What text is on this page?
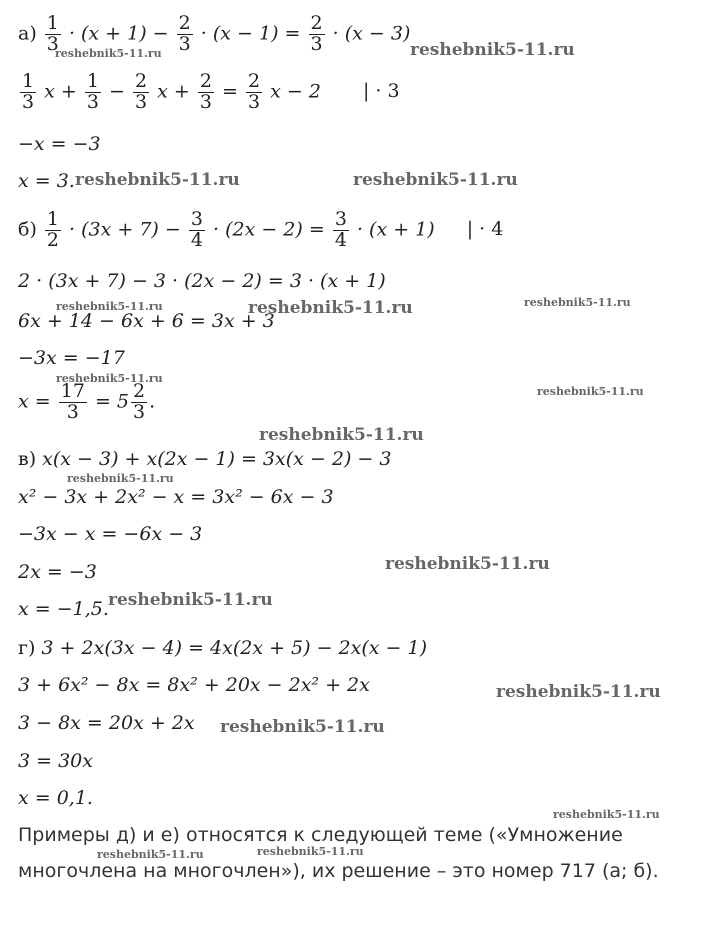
$а) \frac{1}{3} \cdot (x + 1) - \frac{2}{3} \cdot (x - 1) = \frac{2}{3} \cdot (x - 3)$
$\frac{1}{3}$ $x + \frac{1}{3} - \frac{2}{3}$ $x + \frac{2}{3} = \frac{2}{3}$ x − 2 | · 3
−x = −3
x = 3.
$б) \frac{1}{2} \cdot (3x + 7) - \frac{3}{4} \cdot (2x - 2) = \frac{3}{4} \cdot (x + 1)$ | · 4
2 · (3x + 7) − 3 · (2x − 2) = 3 · (x + 1)
6x + 14 − 6x + 6 = 3x + 3
−3x = −17
$x = \frac{17}{3} = 5 \frac{2}{3}$ .
в) x(x − 3) + x(2x − 1) = 3x(x − 2) − 3
x² − 3x + 2x² − x = 3x² − 6x − 3
−3x − x = −6x − 3
2x = −3
x = −1,5.
г) 3 + 2x(3x − 4) = 4x(2x + 5) − 2x(x − 1)
3 + 6x² − 8x = 8x² + 20x − 2x² + 2x
3 − 8x = 20x + 2x
3 = 30x
x = 0,1.
Примеры д) и е) относятся к следующей теме («Умножение
многочлена на многочлен»), их решение – это номер 717 (а; б).
reshebnik5-11.ru
reshebnik5-11.ru
reshebnik5-11.ru	reshebnik5-11.ru
reshebnik5-11.ru	reshebnik5-11.ru	reshebnik5-11.ru
reshebnik5-11.ru
reshebnik5-11.ru
reshebnik5-11.ru
reshebnik5-11.ru
reshebnik5-11.ru
reshebnik5-11.ru
reshebnik5-11.ru
reshebnik5-11.ru
reshebnik5-11.ru
reshebnik5-11.ru	reshebnik5-11.ru
